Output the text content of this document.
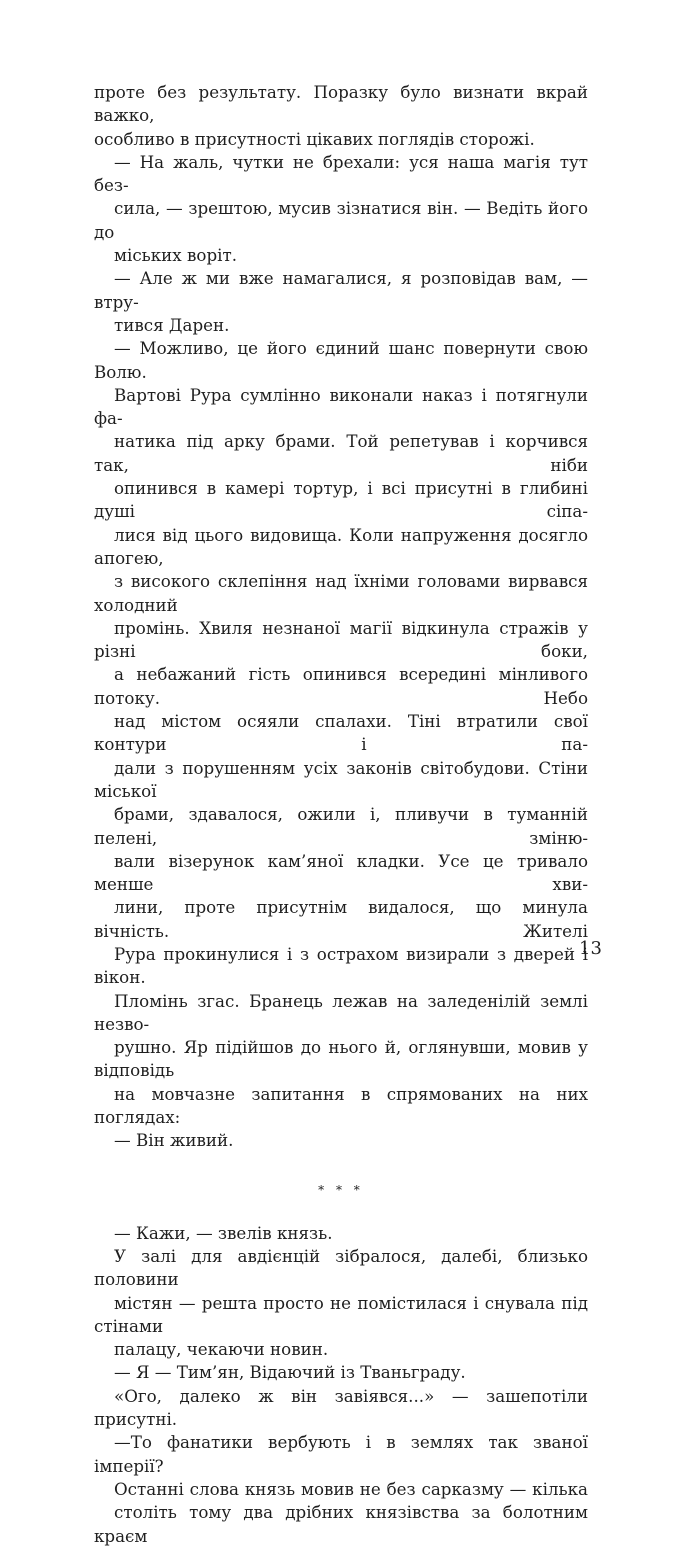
проте без результату. Поразку було визнати вкрай важко,
особливо в присутності цікавих поглядів сторожі.

— На жаль, чутки не брехали: уся наша магія тут без-
сила, — зрештою, мусив зізнатися він. — Ведіть його до
міських воріт.

— Але ж ми вже намагалися, я розповідав вам, — втру-
тився Дарен.

— Можливо, це його єдиний шанс повернути свою Волю.

Вартові Рура сумлінно виконали наказ і потягнули фа-
натика під арку брами. Той репетував і корчився так, ніби
опинився в камері тортур, і всі присутні в глибині душі сіпа-
лися від цього видовища. Коли напруження досягло апогею,
з високого склепіння над їхніми головами вирвався холодний
промінь. Хвиля незнаної магії відкинула стражів у різні боки,
а небажаний гість опинився всередині мінливого потоку. Небо
над містом осяяли спалахи. Тіні втратили свої контури і па-
дали з порушенням усіх законів світобудови. Стіни міської
брами, здавалося, ожили і, пливучи в туманній пелені, зміню-
вали візерунок кам’яної кладки. Усе це тривало менше хви-
лини, проте присутнім видалося, що минула вічність. Жителі
Рура прокинулися і з острахом визирали з дверей і вікон.

Пломінь згас. Бранець лежав на заледенілій землі незво-
рушно. Яр підійшов до нього й, оглянувши, мовив у відповідь
на мовчазне запитання в спрямованих на них поглядах:

— Він живий.

* * *

— Кажи, — звелів князь.

У залі для авдієнцій зібралося, далебі, близько половини
містян — решта просто не помістилася і снувала під стінами
палацу, чекаючи новин.

— Я — Тим’ян, Відаючий із Тваньграду.

«Ого, далеко ж він завіявся...» — зашепотіли присутні.

—То фанатики вербують і в землях так званої імперії?

Останні слова князь мовив не без сарказму — кілька
століть тому два дрібних князівства за болотним краєм

13
